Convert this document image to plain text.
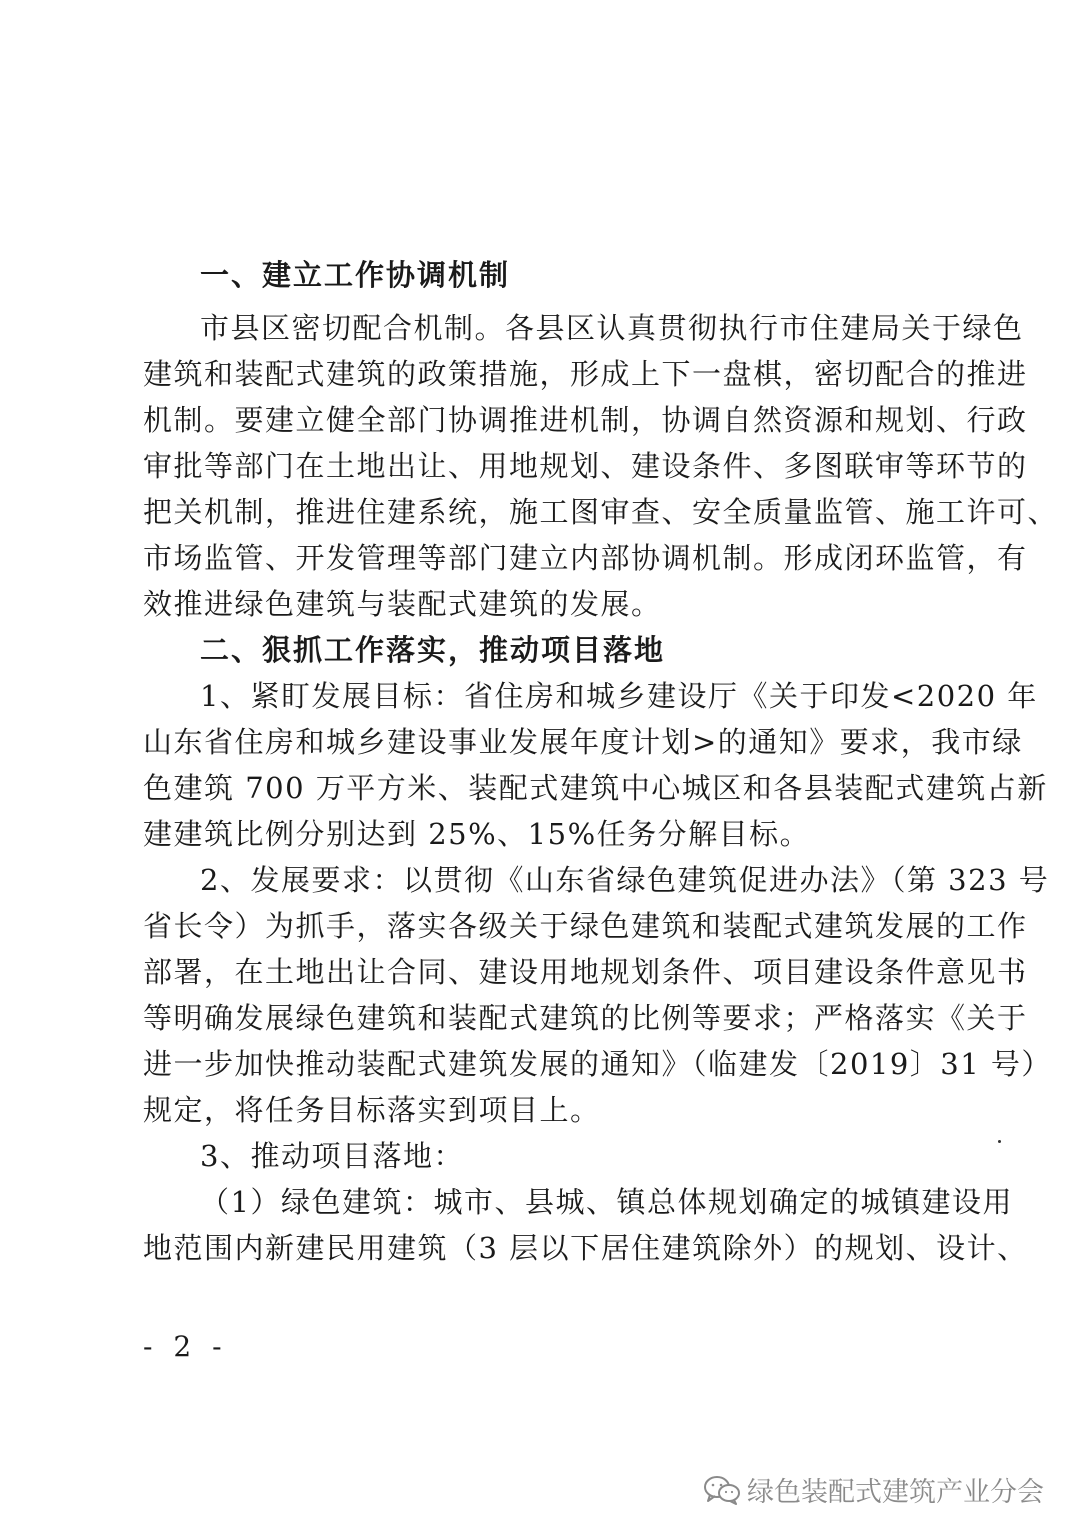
一、建立工作协调机制
市县区密切配合机制。各县区认真贯彻执行市住建局关于绿色
建筑和装配式建筑的政策措施，形成上下一盘棋，密切配合的推进
机制。要建立健全部门协调推进机制，协调自然资源和规划、行政
审批等部门在土地出让、用地规划、建设条件、多图联审等环节的
把关机制，推进住建系统，施工图审查、安全质量监管、施工许可、
市场监管、开发管理等部门建立内部协调机制。形成闭环监管，有
效推进绿色建筑与装配式建筑的发展。
二、狠抓工作落实，推动项目落地
1、紧盯发展目标：省住房和城乡建设厅《关于印发<2020 年
山东省住房和城乡建设事业发展年度计划>的通知》要求，我市绿
色建筑 700 万平方米、装配式建筑中心城区和各县装配式建筑占新
建建筑比例分别达到 25%、15%任务分解目标。
2、发展要求：以贯彻《山东省绿色建筑促进办法》（第 323 号
省长令）为抓手，落实各级关于绿色建筑和装配式建筑发展的工作
部署，在土地出让合同、建设用地规划条件、项目建设条件意见书
等明确发展绿色建筑和装配式建筑的比例等要求；严格落实《关于
进一步加快推动装配式建筑发展的通知》（临建发〔2019〕31 号）
规定，将任务目标落实到项目上。
3、推动项目落地：
（1）绿色建筑：城市、县城、镇总体规划确定的城镇建设用
地范围内新建民用建筑（3 层以下居住建筑除外）的规划、设计、
- 2 -
绿色装配式建筑产业分会
